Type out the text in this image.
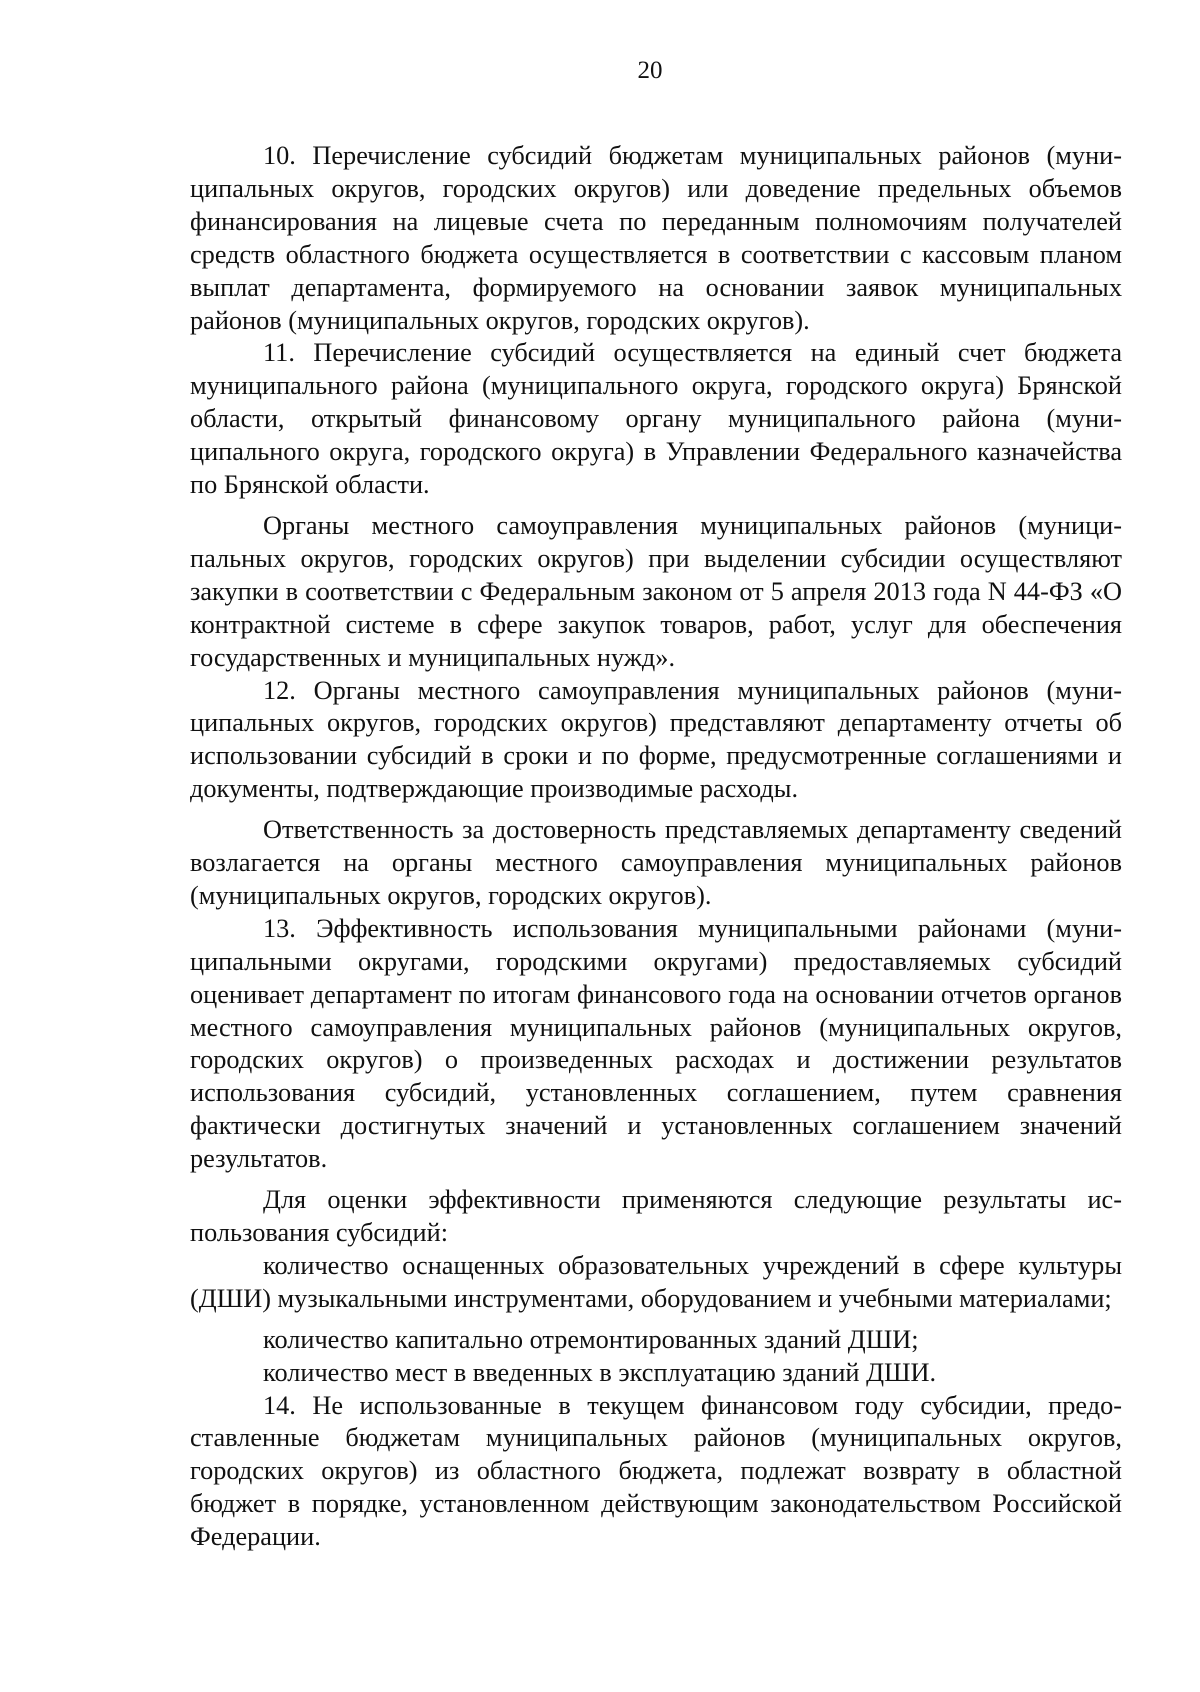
20

10. Перечисление субсидий бюджетам муниципальных районов (муниципальных округов, городских округов) или доведение предельных объемов финансирования на лицевые счета по переданным полномочиям получателей средств областного бюджета осуществляется в соответствии с кассовым планом выплат департамента, формируемого на основании заявок муниципальных районов (муниципальных округов, городских округов).

11. Перечисление субсидий осуществляется на единый счет бюджета муниципального района (муниципального округа, городского округа) Брянской области, открытый финансовому органу муниципального района (муниципального округа, городского округа) в Управлении Федерального казначейства по Брянской области.

Органы местного самоуправления муниципальных районов (муниципальных округов, городских округов) при выделении субсидии осуществляют закупки в соответствии с Федеральным законом от 5 апреля 2013 года N 44-ФЗ «О контрактной системе в сфере закупок товаров, работ, услуг для обеспечения государственных и муниципальных нужд».

12. Органы местного самоуправления муниципальных районов (муниципальных округов, городских округов) представляют департаменту отчеты об использовании субсидий в сроки и по форме, предусмотренные соглашениями и документы, подтверждающие производимые расходы.

Ответственность за достоверность представляемых департаменту сведений возлагается на органы местного самоуправления муниципальных районов (муниципальных округов, городских округов).

13. Эффективность использования муниципальными районами (муниципальными округами, городскими округами) предоставляемых субсидий оценивает департамент по итогам финансового года на основании отчетов органов местного самоуправления муниципальных районов (муниципальных округов, городских округов) о произведенных расходах и достижении результатов использования субсидий, установленных соглашением, путем сравнения фактически достигнутых значений и установленных соглашением значений результатов.

Для оценки эффективности применяются следующие результаты использования субсидий:

количество оснащенных образовательных учреждений в сфере культуры (ДШИ) музыкальными инструментами, оборудованием и учебными материалами;

количество капитально отремонтированных зданий ДШИ;

количество мест в введенных в эксплуатацию зданий ДШИ.

14. Не использованные в текущем финансовом году субсидии, предоставленные бюджетам муниципальных районов (муниципальных округов, городских округов) из областного бюджета, подлежат возврату в областной бюджет в порядке, установленном действующим законодательством Российской Федерации.
